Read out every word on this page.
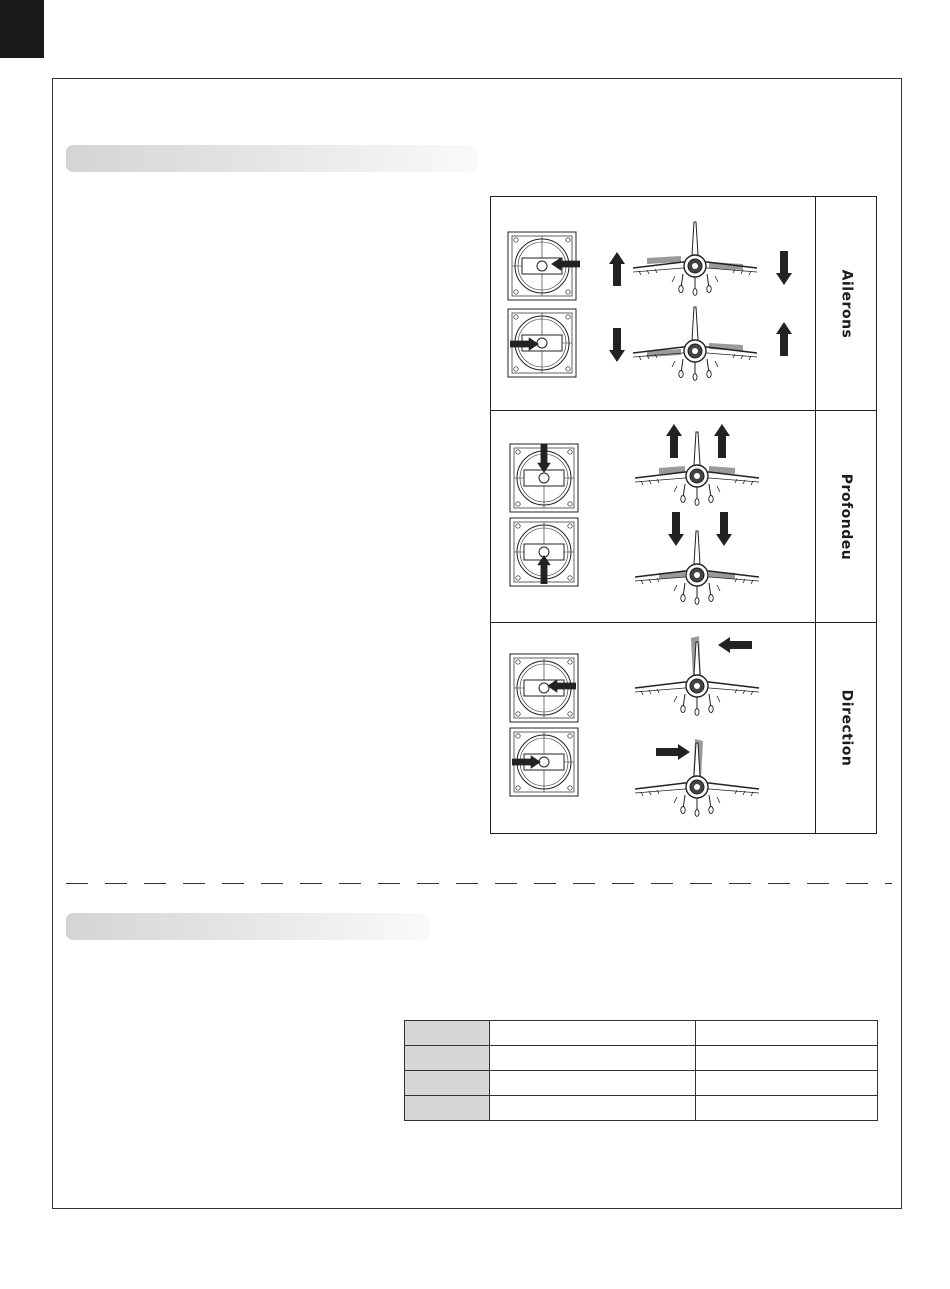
Ailerons
Profondeu
Direction
